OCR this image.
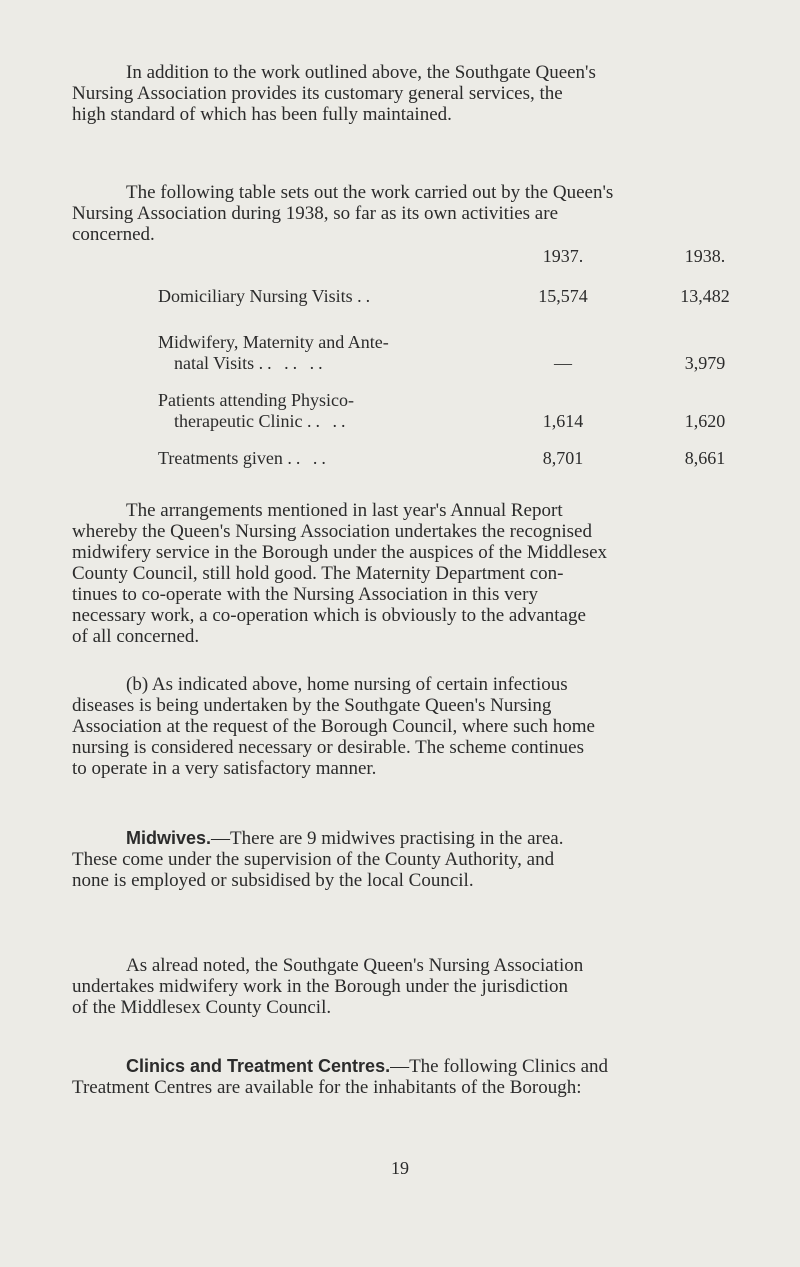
In addition to the work outlined above, the Southgate Queen's
Nursing Association provides its customary general services, the
high standard of which has been fully maintained.

The following table sets out the work carried out by the Queen's
Nursing Association during 1938, so far as its own activities are
concerned.

1937.	1938.
Domiciliary Nursing Visits ..	15,574	13,482
Midwifery, Maternity and Ante-
natal Visits .. .. ..	—	3,979
Patients attending Physico-
therapeutic Clinic .. ..	1,614	1,620
Treatments given .. ..	8,701	8,661

The arrangements mentioned in last year's Annual Report
whereby the Queen's Nursing Association undertakes the recognised
midwifery service in the Borough under the auspices of the Middlesex
County Council, still hold good. The Maternity Department con-
tinues to co-operate with the Nursing Association in this very
necessary work, a co-operation which is obviously to the advantage
of all concerned.

(b) As indicated above, home nursing of certain infectious
diseases is being undertaken by the Southgate Queen's Nursing
Association at the request of the Borough Council, where such home
nursing is considered necessary or desirable. The scheme continues
to operate in a very satisfactory manner.

Midwives.—There are 9 midwives practising in the area.
These come under the supervision of the County Authority, and
none is employed or subsidised by the local Council.

As alread noted, the Southgate Queen's Nursing Association
undertakes midwifery work in the Borough under the jurisdiction
of the Middlesex County Council.

Clinics and Treatment Centres.—The following Clinics and
Treatment Centres are available for the inhabitants of the Borough:

19
